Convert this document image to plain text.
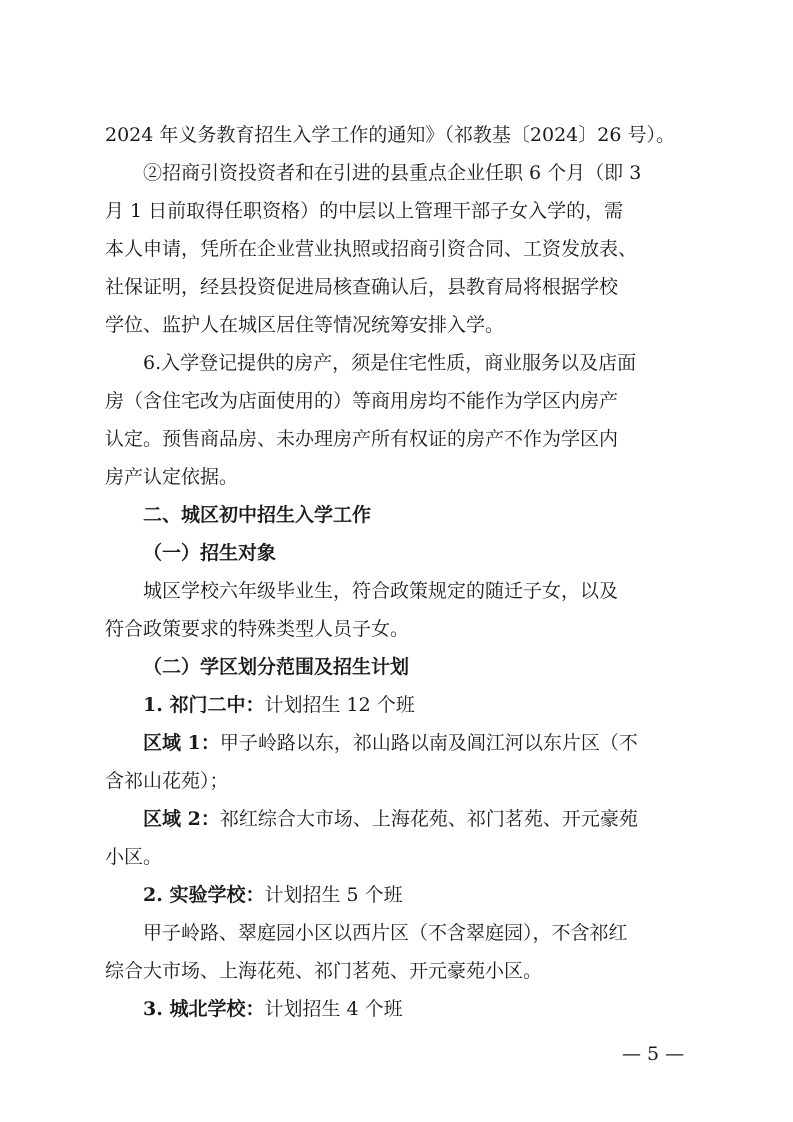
2024 年义务教育招生入学工作的通知》（祁教基〔2024〕26 号）。
②招商引资投资者和在引进的县重点企业任职 6 个月（即 3
月 1 日前取得任职资格）的中层以上管理干部子女入学的，需
本人申请，凭所在企业营业执照或招商引资合同、工资发放表、
社保证明，经县投资促进局核查确认后，县教育局将根据学校
学位、监护人在城区居住等情况统筹安排入学。
6.入学登记提供的房产，须是住宅性质，商业服务以及店面
房（含住宅改为店面使用的）等商用房均不能作为学区内房产
认定。预售商品房、未办理房产所有权证的房产不作为学区内
房产认定依据。
二、城区初中招生入学工作
（一）招生对象
城区学校六年级毕业生，符合政策规定的随迁子女，以及
符合政策要求的特殊类型人员子女。
（二）学区划分范围及招生计划
1. 祁门二中：计划招生 12 个班
区域 1：甲子岭路以东，祁山路以南及阊江河以东片区（不
含祁山花苑）；
区域 2：祁红综合大市场、上海花苑、祁门茗苑、开元豪苑
小区。
2. 实验学校：计划招生 5 个班
甲子岭路、翠庭园小区以西片区（不含翠庭园），不含祁红
综合大市场、上海花苑、祁门茗苑、开元豪苑小区。
3. 城北学校：计划招生 4 个班
— 5 —
